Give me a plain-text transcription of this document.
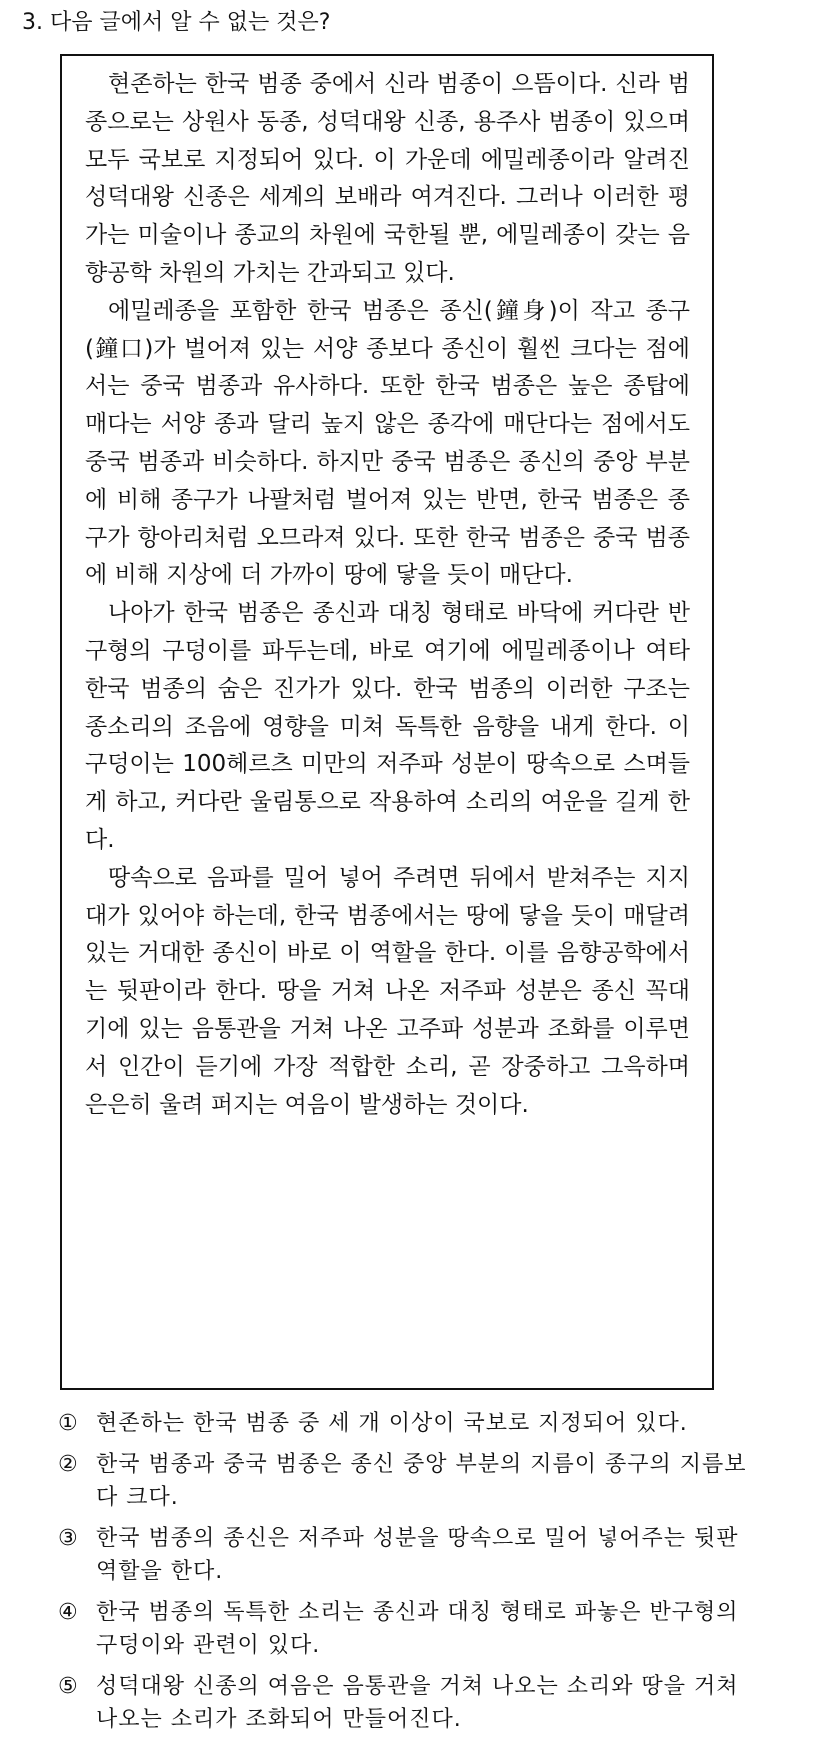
3. 다음 글에서 알 수 없는 것은?

현존하는 한국 범종 중에서 신라 범종이 으뜸이다. 신라 범종으로는 상원사 동종, 성덕대왕 신종, 용주사 범종이 있으며 모두 국보로 지정되어 있다. 이 가운데 에밀레종이라 알려진 성덕대왕 신종은 세계의 보배라 여겨진다. 그러나 이러한 평가는 미술이나 종교의 차원에 국한될 뿐, 에밀레종이 갖는 음향공학 차원의 가치는 간과되고 있다.

에밀레종을 포함한 한국 범종은 종신(鐘身)이 작고 종구(鐘口)가 벌어져 있는 서양 종보다 종신이 훨씬 크다는 점에서는 중국 범종과 유사하다. 또한 한국 범종은 높은 종탑에 매다는 서양 종과 달리 높지 않은 종각에 매단다는 점에서도 중국 범종과 비슷하다. 하지만 중국 범종은 종신의 중앙 부분에 비해 종구가 나팔처럼 벌어져 있는 반면, 한국 범종은 종구가 항아리처럼 오므라져 있다. 또한 한국 범종은 중국 범종에 비해 지상에 더 가까이 땅에 닿을 듯이 매단다.

나아가 한국 범종은 종신과 대칭 형태로 바닥에 커다란 반구형의 구덩이를 파두는데, 바로 여기에 에밀레종이나 여타 한국 범종의 숨은 진가가 있다. 한국 범종의 이러한 구조는 종소리의 조음에 영향을 미쳐 독특한 음향을 내게 한다. 이 구덩이는 100헤르츠 미만의 저주파 성분이 땅속으로 스며들게 하고, 커다란 울림통으로 작용하여 소리의 여운을 길게 한다.

땅속으로 음파를 밀어 넣어 주려면 뒤에서 받쳐주는 지지대가 있어야 하는데, 한국 범종에서는 땅에 닿을 듯이 매달려 있는 거대한 종신이 바로 이 역할을 한다. 이를 음향공학에서는 뒷판이라 한다. 땅을 거쳐 나온 저주파 성분은 종신 꼭대기에 있는 음통관을 거쳐 나온 고주파 성분과 조화를 이루면서 인간이 듣기에 가장 적합한 소리, 곧 장중하고 그윽하며 은은히 울려 퍼지는 여음이 발생하는 것이다.

① 현존하는 한국 범종 중 세 개 이상이 국보로 지정되어 있다.
② 한국 범종과 중국 범종은 종신 중앙 부분의 지름이 종구의 지름보다 크다.
③ 한국 범종의 종신은 저주파 성분을 땅속으로 밀어 넣어주는 뒷판 역할을 한다.
④ 한국 범종의 독특한 소리는 종신과 대칭 형태로 파놓은 반구형의 구덩이와 관련이 있다.
⑤ 성덕대왕 신종의 여음은 음통관을 거쳐 나오는 소리와 땅을 거쳐 나오는 소리가 조화되어 만들어진다.
